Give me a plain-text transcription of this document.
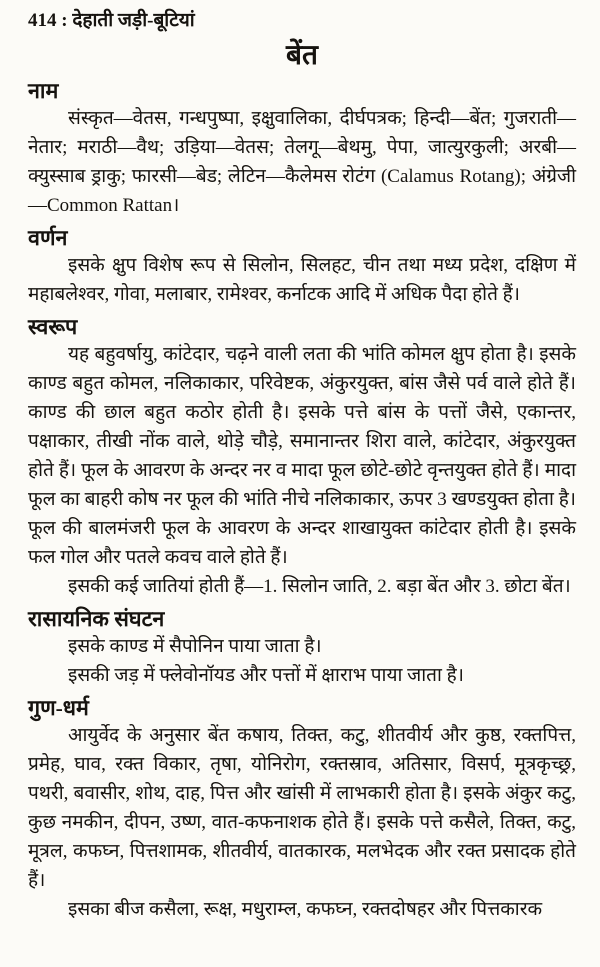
414 : देहाती जड़ी-बूटियां
बेंत
नाम

संस्कृत—वेतस, गन्धपुष्पा, इक्षुवालिका, दीर्घपत्रक; हिन्दी—बेंत; गुजराती—नेतार; मराठी—वैथ; उड़िया—वेतस; तेलगू—बेथमु, पेपा, जात्युरकुली; अरबी—क्युस्साब ड्राकु; फारसी—बेड; लेटिन—कैलेमस रोटंग (Calamus Rotang); अंग्रेजी—Common Rattan।

वर्णन

इसके क्षुप विशेष रूप से सिलोन, सिलहट, चीन तथा मध्य प्रदेश, दक्षिण में महाबलेश्वर, गोवा, मलाबार, रामेश्वर, कर्नाटक आदि में अधिक पैदा होते हैं।

स्वरूप

यह बहुवर्षायु, कांटेदार, चढ़ने वाली लता की भांति कोमल क्षुप होता है। इसके काण्ड बहुत कोमल, नलिकाकार, परिवेष्टक, अंकुरयुक्त, बांस जैसे पर्व वाले होते हैं। काण्ड की छाल बहुत कठोर होती है। इसके पत्ते बांस के पत्तों जैसे, एकान्तर, पक्षाकार, तीखी नोंक वाले, थोड़े चौड़े, समानान्तर शिरा वाले, कांटेदार, अंकुरयुक्त होते हैं। फूल के आवरण के अन्दर नर व मादा फूल छोटे-छोटे वृन्तयुक्त होते हैं। मादा फूल का बाहरी कोष नर फूल की भांति नीचे नलिकाकार, ऊपर 3 खण्डयुक्त होता है। फूल की बालमंजरी फूल के आवरण के अन्दर शाखायुक्त कांटेदार होती है। इसके फल गोल और पतले कवच वाले होते हैं।

इसकी कई जातियां होती हैं—1. सिलोन जाति, 2. बड़ा बेंत और 3. छोटा बेंत।

रासायनिक संघटन

इसके काण्ड में सैपोनिन पाया जाता है।

इसकी जड़ में फ्लेवोनॉयड और पत्तों में क्षाराभ पाया जाता है।

गुण-धर्म

आयुर्वेद के अनुसार बेंत कषाय, तिक्त, कटु, शीतवीर्य और कुष्ठ, रक्तपित्त, प्रमेह, घाव, रक्त विकार, तृषा, योनिरोग, रक्तस्राव, अतिसार, विसर्प, मूत्रकृच्छ्र, पथरी, बवासीर, शोथ, दाह, पित्त और खांसी में लाभकारी होता है। इसके अंकुर कटु, कुछ नमकीन, दीपन, उष्ण, वात-कफनाशक होते हैं। इसके पत्ते कसैले, तिक्त, कटु, मूत्रल, कफघ्न, पित्तशामक, शीतवीर्य, वातकारक, मलभेदक और रक्त प्रसादक होते हैं।

इसका बीज कसैला, रूक्ष, मधुराम्ल, कफघ्न, रक्तदोषहर और पित्तकारक
